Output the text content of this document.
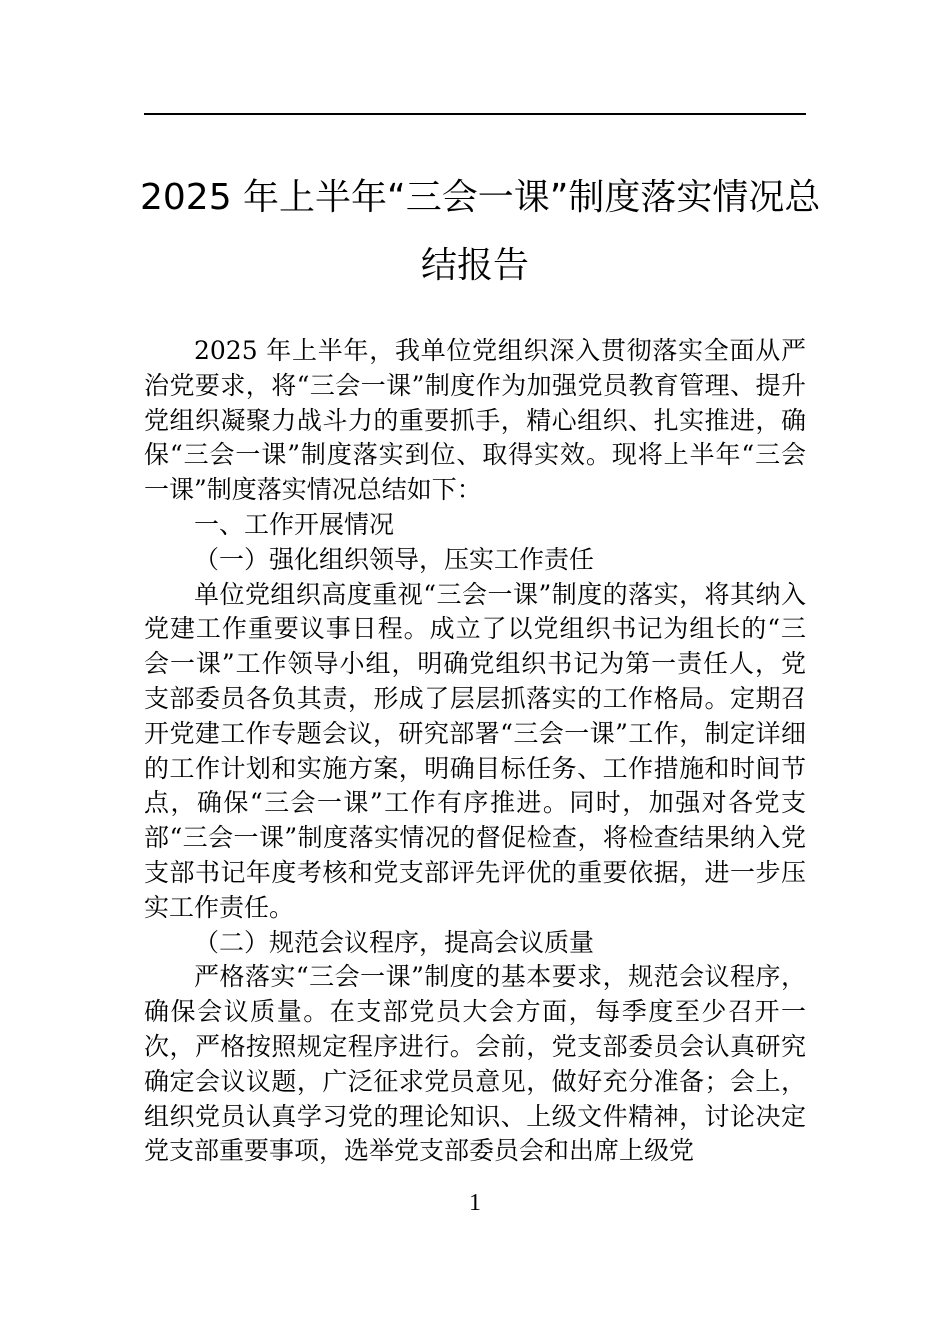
2025 年上半年“三会一课”制度落实情况总
结报告

2025 年上半年，我单位党组织深入贯彻落实全面从严治党要求，将“三会一课”制度作为加强党员教育管理、提升党组织凝聚力战斗力的重要抓手，精心组织、扎实推进，确保“三会一课”制度落实到位、取得实效。现将上半年“三会一课”制度落实情况总结如下：

一、工作开展情况

（一）强化组织领导，压实工作责任

单位党组织高度重视“三会一课”制度的落实，将其纳入党建工作重要议事日程。成立了以党组织书记为组长的“三会一课”工作领导小组，明确党组织书记为第一责任人，党支部委员各负其责，形成了层层抓落实的工作格局。定期召开党建工作专题会议，研究部署“三会一课”工作，制定详细的工作计划和实施方案，明确目标任务、工作措施和时间节点，确保“三会一课”工作有序推进。同时，加强对各党支部“三会一课”制度落实情况的督促检查，将检查结果纳入党支部书记年度考核和党支部评先评优的重要依据，进一步压实工作责任。

（二）规范会议程序，提高会议质量

严格落实“三会一课”制度的基本要求，规范会议程序，确保会议质量。在支部党员大会方面，每季度至少召开一次，严格按照规定程序进行。会前，党支部委员会认真研究确定会议议题，广泛征求党员意见，做好充分准备；会上，组织党员认真学习党的理论知识、上级文件精神，讨论决定党支部重要事项，选举党支部委员会和出席上级党

1
